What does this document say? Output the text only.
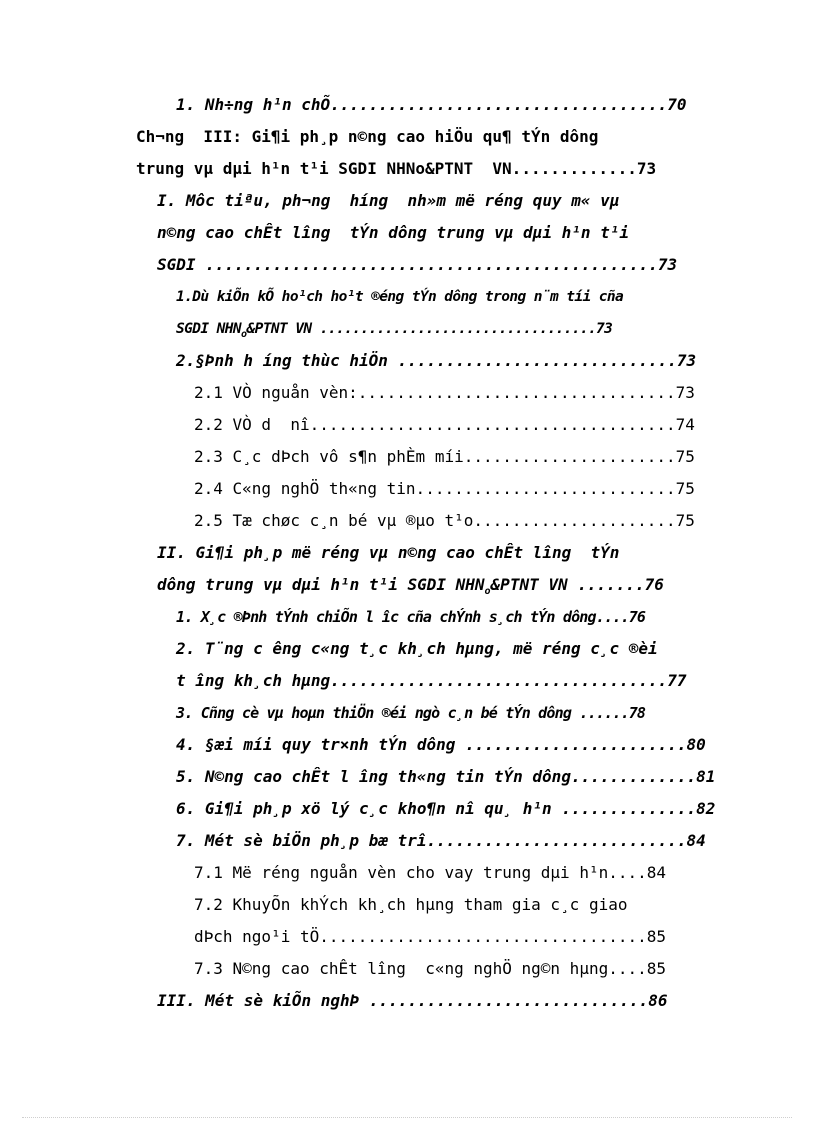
1. Nh÷ng h¹n chÕ...................................70
Ch¬ng  III: Gi¶i ph¸p n©ng cao hiÖu qu¶ tÝn dông
trung vµ dµi h¹n t¹i SGDI NHNo&PTNT  VN.............73
I. Môc tiªu, ph¬ng  híng  nh»m më réng quy m« vµ
n©ng cao chÊt lîng  tÝn dông trung vµ dµi h¹n t¹i
SGDI ...............................................73
1.Dù kiÕn kÕ ho¹ch ho¹t ®éng tÝn dông trong n¨m tíi cña
SGDI $NHN_o\&PTNT$ VN ..................................73
2.§Þnh h íng thùc hiÖn .............................73
2.1 VÒ nguån vèn:.................................73
2.2 VÒ d  nî......................................74
2.3 C¸c dÞch vô s¶n phÈm míi......................75
2.4 C«ng nghÖ th«ng tin...........................75
2.5 Tæ chøc c¸n bé vµ ®µo t¹o.....................75
II. Gi¶i ph¸p më réng vµ n©ng cao chÊt lîng  tÝn
dông trung vµ dµi h¹n t¹i SGDI $NHN_o\&PTNT$ VN .......76
1. X¸c ®Þnh tÝnh chiÕn l îc cña chÝnh s¸ch tÝn dông....76
2. T¨ng c êng c«ng t¸c kh¸ch hµng, më réng c¸c ®èi
t îng kh¸ch hµng...................................77
3. Cñng cè vµ hoµn thiÖn ®éi ngò c¸n bé tÝn dông ......78
4. §æi míi quy tr×nh tÝn dông .......................80
5. N©ng cao chÊt l îng th«ng tin tÝn dông.............81
6. Gi¶i ph¸p xö lý c¸c kho¶n nî qu¸ h¹n ..............82
7. Mét sè biÖn ph¸p bæ trî...........................84
7.1 Më réng nguån vèn cho vay trung dµi h¹n....84
7.2 KhuyÕn khÝch kh¸ch hµng tham gia c¸c giao
dÞch ngo¹i tÖ..................................85
7.3 N©ng cao chÊt lîng  c«ng nghÖ ng©n hµng....85
III. Mét sè kiÕn nghÞ .............................86
